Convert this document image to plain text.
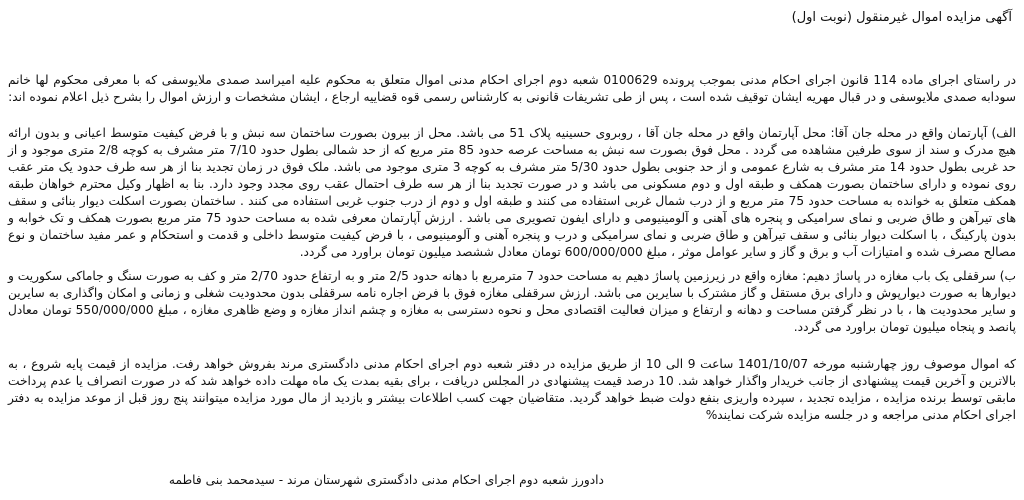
آگهی مزایده اموال غیرمنقول (نوبت اول)

در راستای اجرای ماده 114 قانون اجرای احکام مدنی بموجب پرونده 0100629 شعبه دوم اجرای احکام مدنی اموال متعلق به محکوم علیه امیراسد صمدی ملایوسفی که با معرفی محکوم لها خانم سودابه صمدی ملایوسفی و در قبال مهریه ایشان توقیف شده است ، پس از طی تشریفات قانونی به کارشناس رسمی قوه قضاییه ارجاع ، ایشان مشخصات و ارزش اموال را بشرح ذیل اعلام نموده اند:

الف) آپارتمان واقع در محله جان آقا: محل آپارتمان واقع در محله جان آقا ، روبروی حسینیه پلاک 51 می باشد. محل از بیرون بصورت ساختمان سه نبش و با فرض کیفیت متوسط اعیانی و بدون ارائه هیچ مدرک و سند از سوی طرفین مشاهده می گردد . محل فوق بصورت سه نبش به مساحت عرصه حدود 85 متر مربع که از حد شمالی بطول حدود 7/10 متر مشرف به کوچه 2/8 متری موجود و از حد غربی بطول حدود 14 متر مشرف به شارع عمومی و از حد جنوبی بطول حدود 5/30 متر مشرف به کوچه 3 متری موجود می باشد. ملک فوق در زمان تجدید بنا از هر سه طرف حدود یک متر عقب روی نموده و دارای ساختمان بصورت همکف و طبقه اول و دوم مسکونی می باشد و در صورت تجدید بنا از هر سه طرف احتمال عقب روی مجدد وجود دارد. بنا به اظهار وکیل محترم خواهان طبقه همکف متعلق به خوانده به مساحت حدود 75 متر مربع و از درب شمال غربی استفاده می کنند و طبقه اول و دوم از درب جنوب غربی استفاده می کنند . ساختمان بصورت اسکلت دیوار بنائی و سقف های تیرآهن و طاق ضربی و نمای سرامیکی و پنجره های آهنی و آلومینیومی و دارای ایفون تصویری می باشد . ارزش آپارتمان معرفی شده به مساحت حدود 75 متر مربع بصورت همکف و تک خوابه و بدون پارکینگ ، با اسکلت دیوار بنائی و سقف تیرآهن و طاق ضربی و نمای سرامیکی و درب و پنجره آهنی و آلومینیومی ، با فرض کیفیت متوسط داخلی و قدمت و استحکام و عمر مفید ساختمان و نوع مصالح مصرف شده و امتیازات آب و برق و گاز و سایر عوامل موثر ، مبلغ 600/000/000 تومان معادل ششصد میلیون تومان براورد می گردد.

ب) سرقفلی یک باب مغازه در پاساژ دهیم: مغازه واقع در زیرزمین پاساژ دهیم به مساحت حدود 7 مترمربع با دهانه حدود 2/5 متر و به ارتفاع حدود 2/70 متر و کف به صورت سنگ و جاماکی سکوریت و دیوارها به صورت دیوارپوش و دارای برق مستقل و گاز مشترک با سایرین می باشد. ارزش سرقفلی مغازه فوق با فرض اجاره نامه سرقفلی بدون محدودیت شغلی و زمانی و امکان واگذاری به سایرین و سایر محدودیت ها ، با در نظر گرفتن مساحت و دهانه و ارتفاع و میزان فعالیت اقتصادی محل و نحوه دسترسی به مغازه و چشم انداز مغازه و وضع ظاهری مغازه ، مبلغ 550/000/000 تومان معادل پانصد و پنجاه میلیون تومان براورد می گردد.

که اموال موصوف روز چهارشنبه مورخه 1401/10/07 ساعت 9 الی 10 از طریق مزایده در دفتر شعبه دوم اجرای احکام مدنی دادگستری مرند بفروش خواهد رفت. مزایده از قیمت پایه شروع ، به بالاترین و آخرین قیمت پیشنهادی از جانب خریدار واگذار خواهد شد. 10 درصد قیمت پیشنهادی در المجلس دریافت ، برای بقیه بمدت یک ماه مهلت داده خواهد شد که در صورت انصراف یا عدم پرداخت مابقی توسط برنده مزایده ، مزایده تجدید ، سپرده واریزی بنفع دولت ضبط خواهد گردید. متقاضیان جهت کسب اطلاعات بیشتر و بازدید از مال مورد مزایده میتوانند پنج روز قبل از موعد مزایده به دفتر اجرای احکام مدنی مراجعه و در جلسه مزایده شرکت نمایند%

دادورز شعبه دوم اجرای احکام مدنی دادگستری شهرستان مرند - سیدمحمد بنی فاطمه
